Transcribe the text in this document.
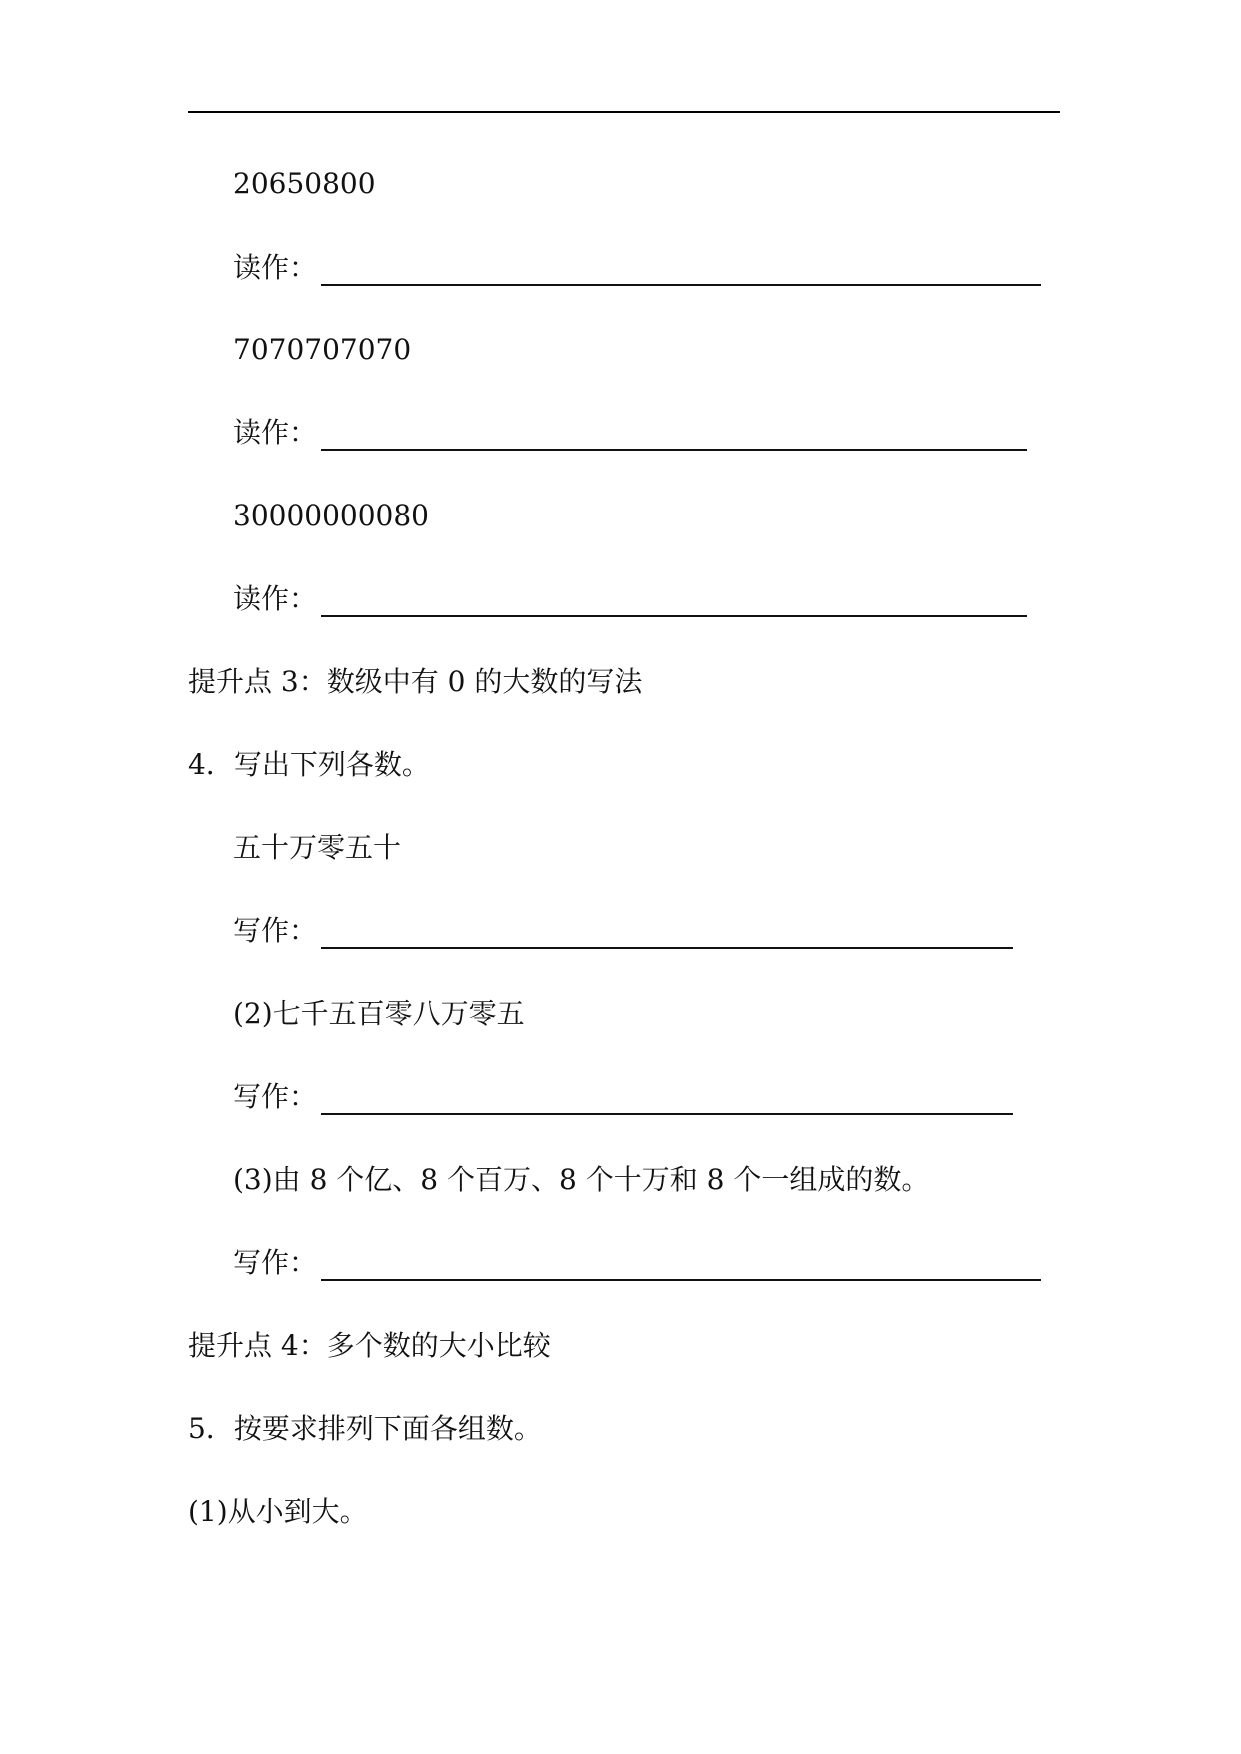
20650800
读作：
7070707070
读作：
30000000080
读作：
提升点 3：数级中有 0 的大数的写法
4．写出下列各数。
五十万零五十
写作：
(2)七千五百零八万零五
写作：
(3)由 8 个亿、8 个百万、8 个十万和 8 个一组成的数。
写作：
提升点 4：多个数的大小比较
5．按要求排列下面各组数。
(1)从小到大。
